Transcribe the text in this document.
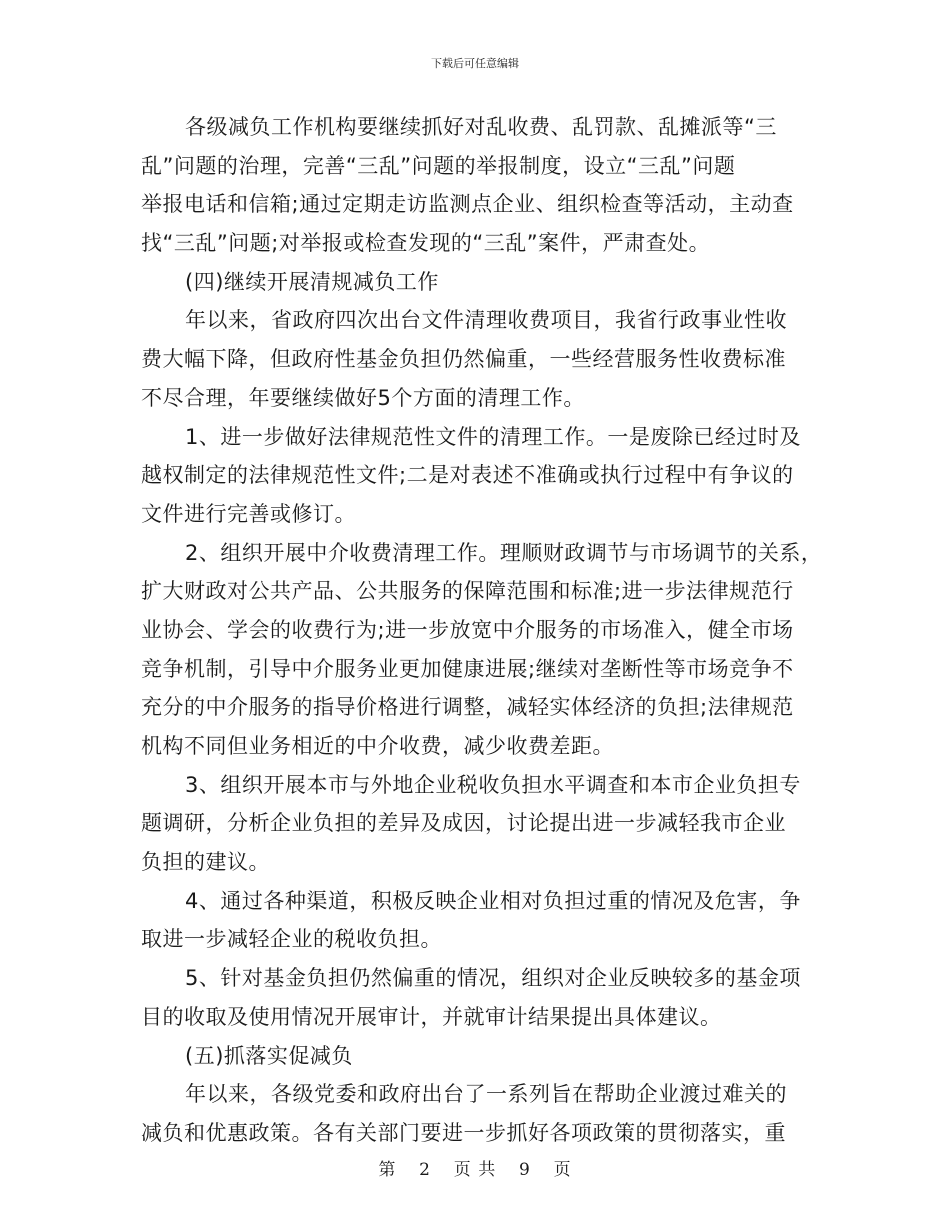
下载后可任意编辑
各级减负工作机构要继续抓好对乱收费、乱罚款、乱摊派等“三
乱”问题的治理，完善“三乱”问题的举报制度，设立“三乱”问题
举报电话和信箱;通过定期走访监测点企业、组织检查等活动，主动查
找“三乱”问题;对举报或检查发现的“三乱”案件，严肃查处。
(四)继续开展清规减负工作
年以来，省政府四次出台文件清理收费项目，我省行政事业性收
费大幅下降，但政府性基金负担仍然偏重，一些经营服务性收费标准
不尽合理，年要继续做好5个方面的清理工作。
1、进一步做好法律规范性文件的清理工作。一是废除已经过时及
越权制定的法律规范性文件;二是对表述不准确或执行过程中有争议的
文件进行完善或修订。
2、组织开展中介收费清理工作。理顺财政调节与市场调节的关系，
扩大财政对公共产品、公共服务的保障范围和标准;进一步法律规范行
业协会、学会的收费行为;进一步放宽中介服务的市场准入，健全市场
竞争机制，引导中介服务业更加健康进展;继续对垄断性等市场竞争不
充分的中介服务的指导价格进行调整，减轻实体经济的负担;法律规范
机构不同但业务相近的中介收费，减少收费差距。
3、组织开展本市与外地企业税收负担水平调查和本市企业负担专
题调研，分析企业负担的差异及成因，讨论提出进一步减轻我市企业
负担的建议。
4、通过各种渠道，积极反映企业相对负担过重的情况及危害，争
取进一步减轻企业的税收负担。
5、针对基金负担仍然偏重的情况，组织对企业反映较多的基金项
目的收取及使用情况开展审计，并就审计结果提出具体建议。
(五)抓落实促减负
年以来，各级党委和政府出台了一系列旨在帮助企业渡过难关的
减负和优惠政策。各有关部门要进一步抓好各项政策的贯彻落实，重
第 2 页 共 9 页
